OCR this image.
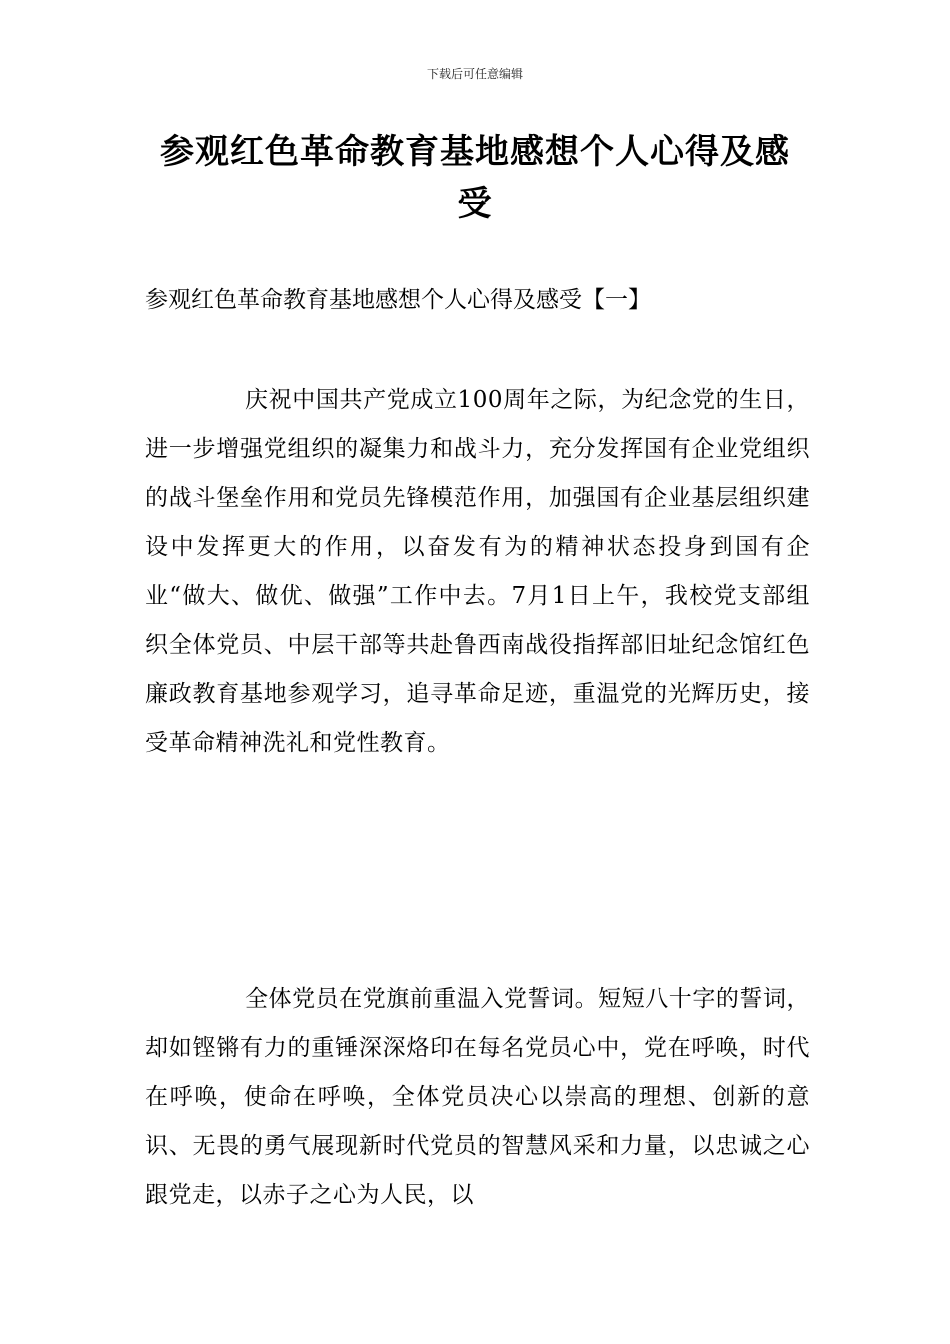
下载后可任意编辑
参观红色革命教育基地感想个人心得及感受
参观红色革命教育基地感想个人心得及感受【一】
庆祝中国共产党成立100周年之际，为纪念党的生日，进一步增强党组织的凝集力和战斗力，充分发挥国有企业党组织的战斗堡垒作用和党员先锋模范作用，加强国有企业基层组织建设中发挥更大的作用，以奋发有为的精神状态投身到国有企业“做大、做优、做强”工作中去。7月1日上午，我校党支部组织全体党员、中层干部等共赴鲁西南战役指挥部旧址纪念馆红色廉政教育基地参观学习，追寻革命足迹，重温党的光辉历史，接受革命精神洗礼和党性教育。
全体党员在党旗前重温入党誓词。短短八十字的誓词，却如铿锵有力的重锤深深烙印在每名党员心中，党在呼唤，时代在呼唤，使命在呼唤，全体党员决心以崇高的理想、创新的意识、无畏的勇气展现新时代党员的智慧风采和力量，以忠诚之心跟党走，以赤子之心为人民，以
